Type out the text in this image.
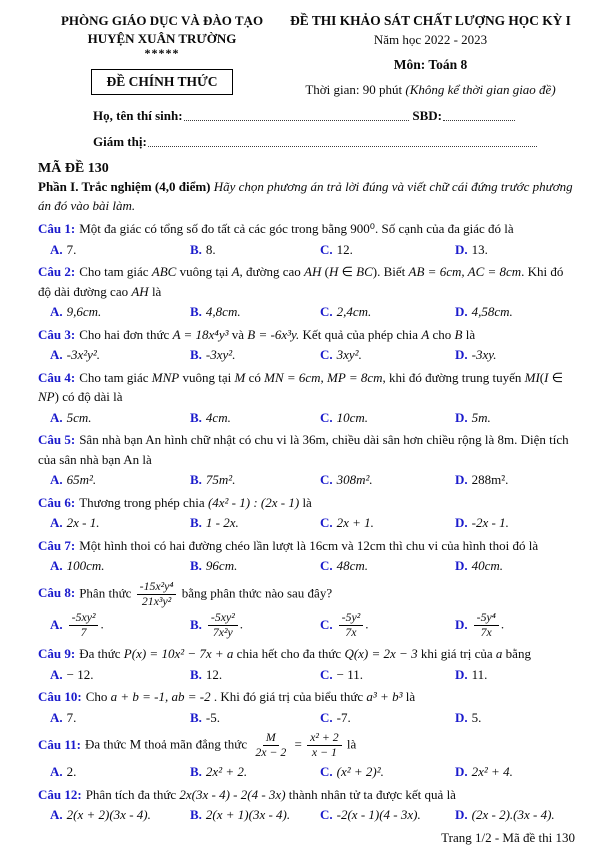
PHÒNG GIÁO DỤC VÀ ĐÀO TẠO
HUYỆN XUÂN TRƯỜNG
*****
ĐỀ CHÍNH THỨC
ĐỀ THI KHẢO SÁT CHẤT LƯỢNG HỌC KỲ I
Năm học 2022 - 2023
Môn: Toán 8
Thời gian: 90 phút (Không kể thời gian giao đề)
Họ, tên thí sinh:	SBD:
Giám thị:
MÃ ĐỀ 130
Phần I. Trắc nghiệm (4,0 điểm) Hãy chọn phương án trả lời đúng và viết chữ cái đứng trước phương án đó vào bài làm.
Câu 1: Một đa giác có tổng số đo tất cả các góc trong bằng 900⁰. Số cạnh của đa giác đó là
A. 7.	B. 8.	C. 12.	D. 13.
Câu 2: Cho tam giác ABC vuông tại A, đường cao AH (H ∈ BC). Biết AB = 6cm, AC = 8cm. Khi đó độ dài đường cao AH là
A. 9,6cm.	B. 4,8cm.	C. 2,4cm.	D. 4,58cm.
Câu 3: Cho hai đơn thức A = 18x⁴y³ và B = -6x³y. Kết quả của phép chia A cho B là
A. -3x²y².	B. -3xy².	C. 3xy².	D. -3xy.
Câu 4: Cho tam giác MNP vuông tại M có MN = 6cm, MP = 8cm, khi đó đường trung tuyến MI(I ∈ NP) có độ dài là
A. 5cm.	B. 4cm.	C. 10cm.	D. 5m.
Câu 5: Sân nhà bạn An hình chữ nhật có chu vi là 36m, chiều dài sân hơn chiều rộng là 8m. Diện tích của sân nhà bạn An là
A. 65m².	B. 75m².	C. 308m².	D. 288m².
Câu 6: Thương trong phép chia (4x² - 1) : (2x - 1) là
A. 2x - 1.	B. 1 - 2x.	C. 2x + 1.	D. -2x - 1.
Câu 7: Một hình thoi có hai đường chéo lần lượt là 16cm và 12cm thì chu vi của hình thoi đó là
A. 100cm.	B. 96cm.	C. 48cm.	D. 40cm.
Câu 8: Phân thức $\frac{\text{-15x²y⁴}}{\text{21x³y²}}$ bằng phân thức nào sau đây?
A. $\frac{\text{-5xy²}}{7}$ .	B. $\frac{\text{-5xy²}}{\text{7x²y}}$ .	C. $\frac{\text{-5y²}}{7x}$ .	D. $\frac{\text{-5y⁴}}{7x}$ .
Câu 9: Đa thức P(x) = 10x² − 7x + a chia hết cho đa thức Q(x) = 2x − 3 khi giá trị của a bằng
A. − 12.	B. 12.	C. − 11.	D. 11.
Câu 10: Cho a + b = -1, ab = -2 . Khi đó giá trị của biểu thức a³ + b³ là
A. 7.	B. -5.	C. -7.	D. 5.
Câu 11: Đa thức M thoả mãn đẳng thức $\frac{M}{2x - 2} = \frac{\text{x² + 2}}{x - 1}$ là
A. 2.	B. 2x² + 2.	C. (x² + 2)².	D. 2x² + 4.
Câu 12: Phân tích đa thức 2x(3x - 4) - 2(4 - 3x) thành nhân tử ta được kết quả là
A. 2(x + 2)(3x - 4).	B. 2(x + 1)(3x - 4).	C. -2(x - 1)(4 - 3x).	D. (2x - 2).(3x - 4).
Trang 1/2 - Mã đề thi 130
